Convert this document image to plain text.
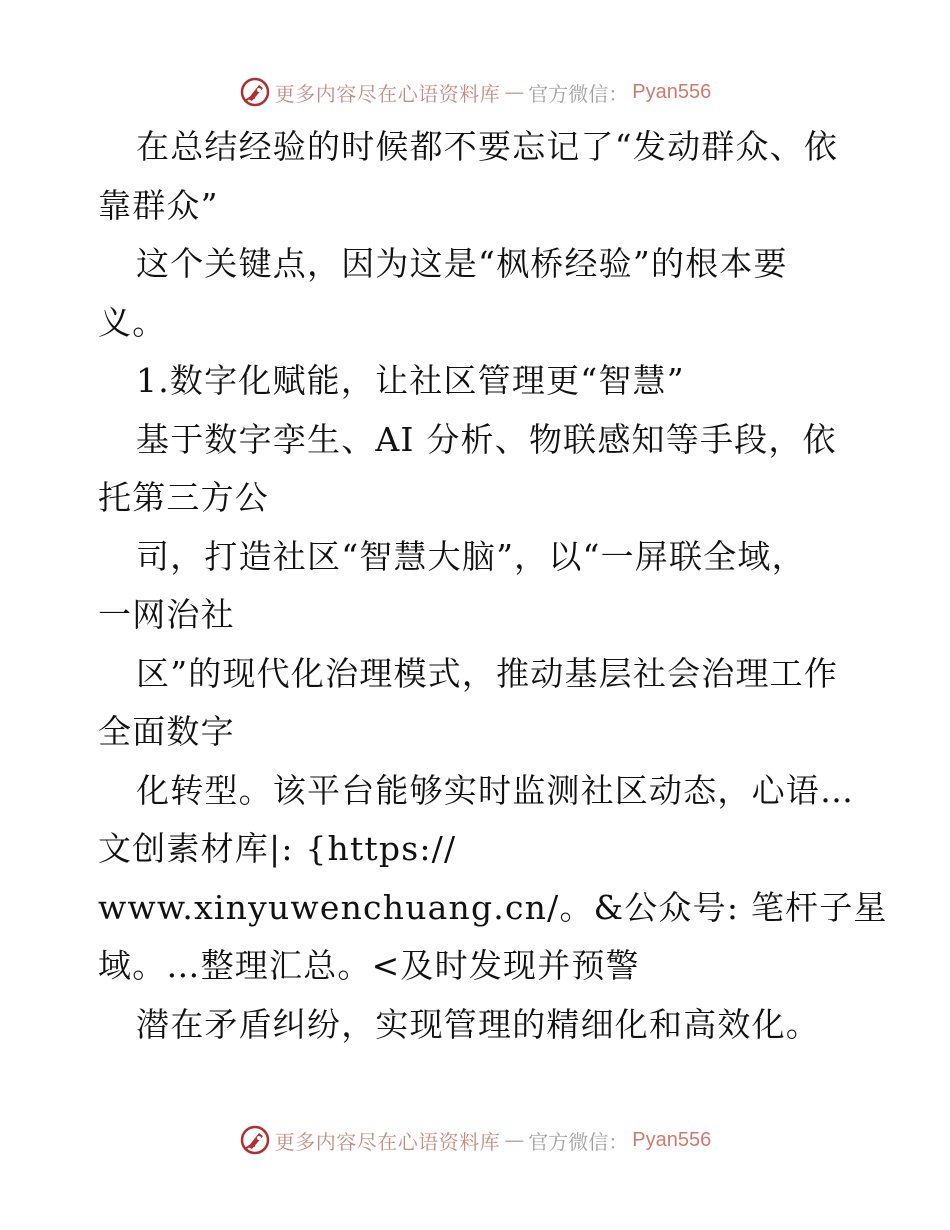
更多内容尽在心语资料库 — 官方微信： Pyan556
在总结经验的时候都不要忘记了“发动群众、依
靠群众”
这个关键点，因为这是“枫桥经验”的根本要
义。
1.数字化赋能，让社区管理更“智慧”
基于数字孪生、AI 分析、物联感知等手段，依
托第三方公
司，打造社区“智慧大脑”，以“一屏联全域，
一网治社
区”的现代化治理模式，推动基层社会治理工作
全面数字
化转型。该平台能够实时监测社区动态，心语…
文创素材库|: {https://
www.xinyuwenchuang.cn/。&公众号: 笔杆子星
域。…整理汇总。<及时发现并预警
潜在矛盾纠纷，实现管理的精细化和高效化。
更多内容尽在心语资料库 — 官方微信： Pyan556
